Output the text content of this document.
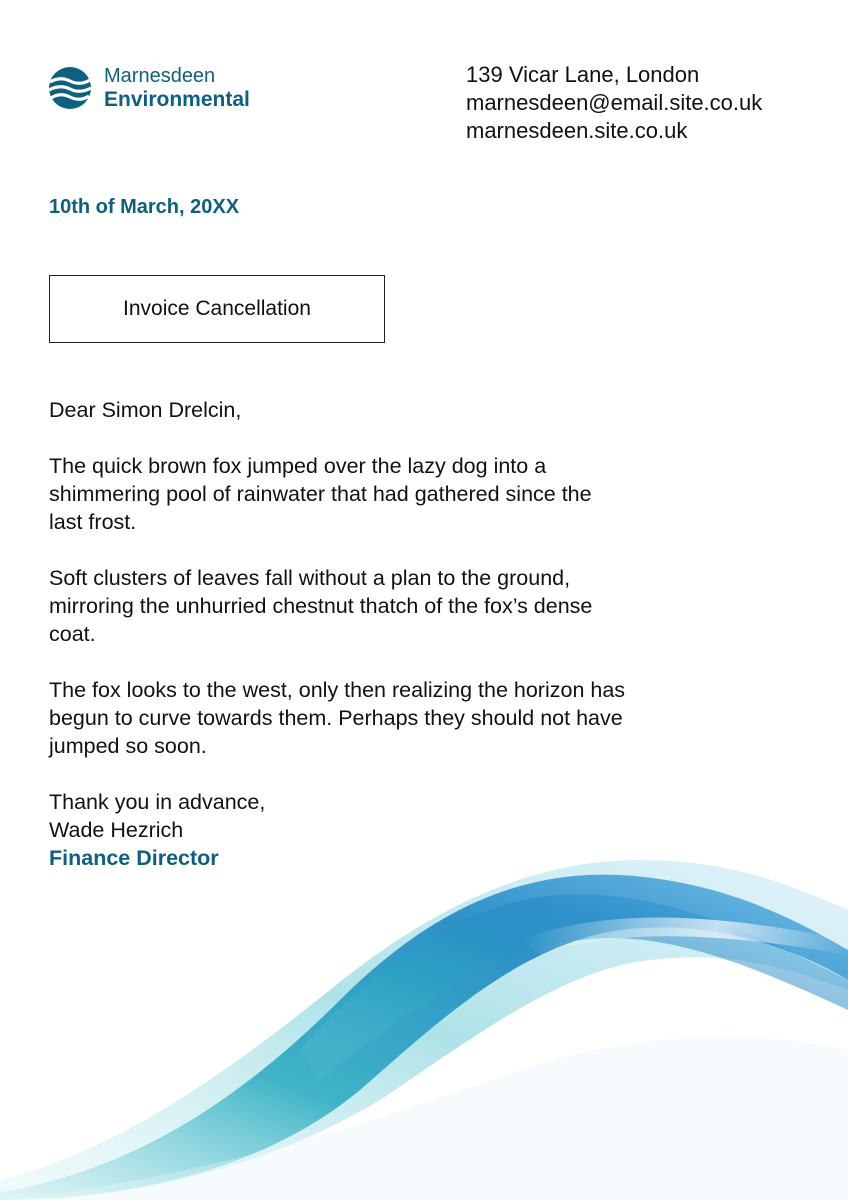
Marnesdeen
Environmental
139 Vicar Lane, London
marnesdeen@email.site.co.uk
marnesdeen.site.co.uk
10th of March, 20XX
Invoice Cancellation

Dear Simon Drelcin,

The quick brown fox jumped over the lazy dog into a shimmering pool of rainwater that had gathered since the last frost.

Soft clusters of leaves fall without a plan to the ground, mirroring the unhurried chestnut thatch of the fox’s dense coat.

The fox looks to the west, only then realizing the horizon has begun to curve towards them. Perhaps they should not have jumped so soon.

Thank you in advance,
Wade Hezrich
Finance Director
